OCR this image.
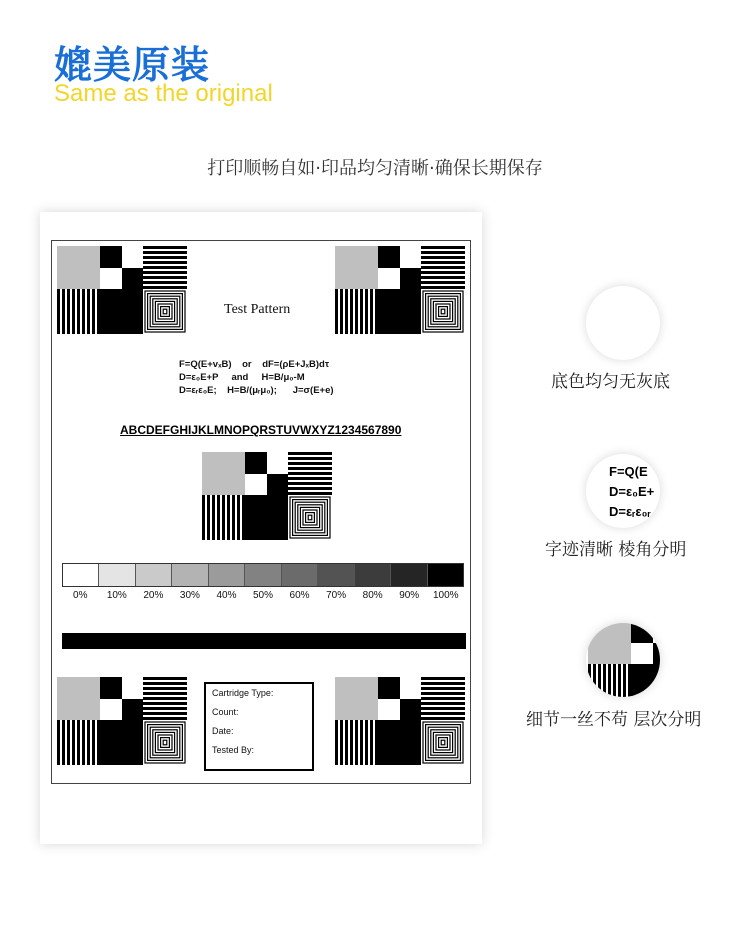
媲美原装
Same as the original
打印顺畅自如·印品均匀清晰·确保长期保存
Test Pattern
F=Q(E+vₓB)    or    dF=(ρE+JₓB)dτ
D=ε₀E+P     and     H=B/μ₀-M
D=εᵣε₀E;    H=B/(μᵣμ₀);      J=σ(E+e)
ABCDEFGHIJKLMNOPQRSTUVWXYZ1234567890
0%	10%	20%	30%	40%	50%	60%	70%	80%	90%	100%
Cartridge Type:
Count:
Date:
Tested By:
底色均匀无灰底
F=Q(E
D=ε₀E+
D=εᵣε₀ᵣ
字迹清晰 棱角分明
细节一丝不苟 层次分明
